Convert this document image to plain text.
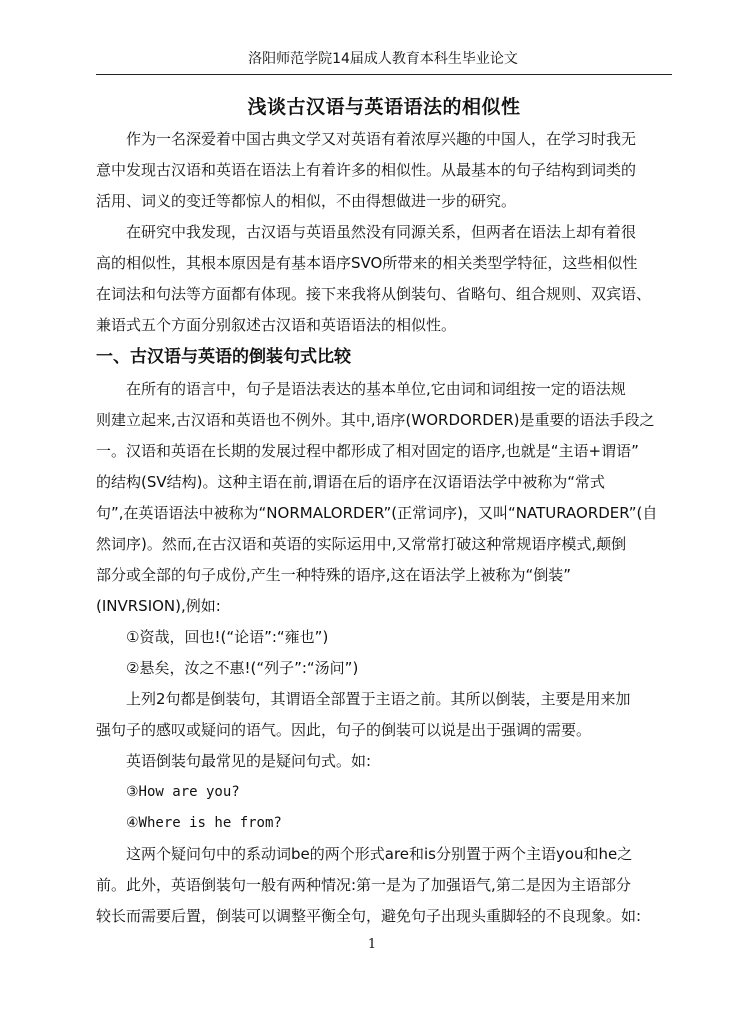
洛阳师范学院14届成人教育本科生毕业论文
浅谈古汉语与英语语法的相似性

作为一名深爱着中国古典文学又对英语有着浓厚兴趣的中国人，在学习时我无

意中发现古汉语和英语在语法上有着许多的相似性。从最基本的句子结构到词类的

活用、词义的变迁等都惊人的相似，不由得想做进一步的研究。

在研究中我发现，古汉语与英语虽然没有同源关系，但两者在语法上却有着很

高的相似性，其根本原因是有基本语序SVO所带来的相关类型学特征，这些相似性

在词法和句法等方面都有体现。接下来我将从倒装句、省略句、组合规则、双宾语、

兼语式五个方面分别叙述古汉语和英语语法的相似性。

一、古汉语与英语的倒装句式比较

在所有的语言中，句子是语法表达的基本单位,它由词和词组按一定的语法规

则建立起来,古汉语和英语也不例外。其中,语序(WORDORDER)是重要的语法手段之

一。汉语和英语在长期的发展过程中都形成了相对固定的语序,也就是“主语+谓语”

的结构(SV结构)。这种主语在前,谓语在后的语序在汉语语法学中被称为“常式

句”,在英语语法中被称为“NORMALORDER”(正常词序)，又叫“NATURAORDER”(自

然词序)。然而,在古汉语和英语的实际运用中,又常常打破这种常规语序模式,颠倒

部分或全部的句子成份,产生一种特殊的语序,这在语法学上被称为“倒装”

(INVRSION),例如:

①资哉，回也!(“论语”:“雍也”)

②悬矣，汝之不惠!(“列子”:“汤问”)

上列2句都是倒装句，其谓语全部置于主语之前。其所以倒装，主要是用来加

强句子的感叹或疑问的语气。因此，句子的倒装可以说是出于强调的需要。

英语倒装句最常见的是疑问句式。如:

③How are you?

④Where is he from?

这两个疑问句中的系动词be的两个形式are和is分别置于两个主语you和he之

前。此外，英语倒装句一般有两种情况:第一是为了加强语气,第二是因为主语部分

较长而需要后置，倒装可以调整平衡全句，避免句子出现头重脚轻的不良现象。如:

1
